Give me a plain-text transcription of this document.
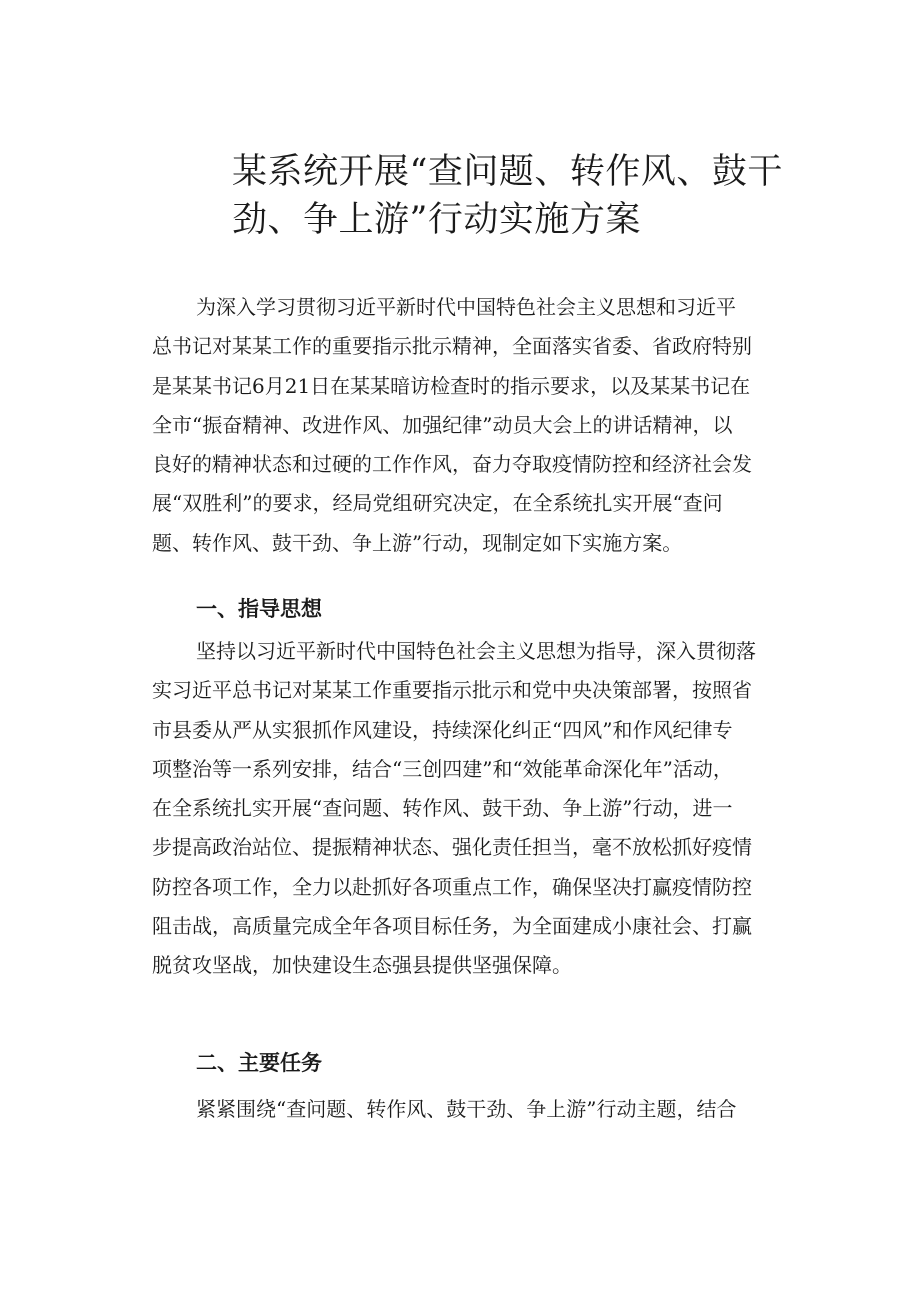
某系统开展“查问题、转作风、鼓干
劲、争上游”行动实施方案
为深入学习贯彻习近平新时代中国特色社会主义思想和习近平
总书记对某某工作的重要指示批示精神，全面落实省委、省政府特别
是某某书记6月21日在某某暗访检查时的指示要求，以及某某书记在
全市“振奋精神、改进作风、加强纪律”动员大会上的讲话精神，以
良好的精神状态和过硬的工作作风，奋力夺取疫情防控和经济社会发
展“双胜利”的要求，经局党组研究决定，在全系统扎实开展“查问
题、转作风、鼓干劲、争上游”行动，现制定如下实施方案。
一、指导思想
坚持以习近平新时代中国特色社会主义思想为指导，深入贯彻落
实习近平总书记对某某工作重要指示批示和党中央决策部署，按照省
市县委从严从实狠抓作风建设，持续深化纠正“四风”和作风纪律专
项整治等一系列安排，结合“三创四建”和“效能革命深化年”活动，
在全系统扎实开展“查问题、转作风、鼓干劲、争上游”行动，进一
步提高政治站位、提振精神状态、强化责任担当，毫不放松抓好疫情
防控各项工作，全力以赴抓好各项重点工作，确保坚决打赢疫情防控
阻击战，高质量完成全年各项目标任务，为全面建成小康社会、打赢
脱贫攻坚战，加快建设生态强县提供坚强保障。
二、主要任务
紧紧围绕“查问题、转作风、鼓干劲、争上游”行动主题，结合
